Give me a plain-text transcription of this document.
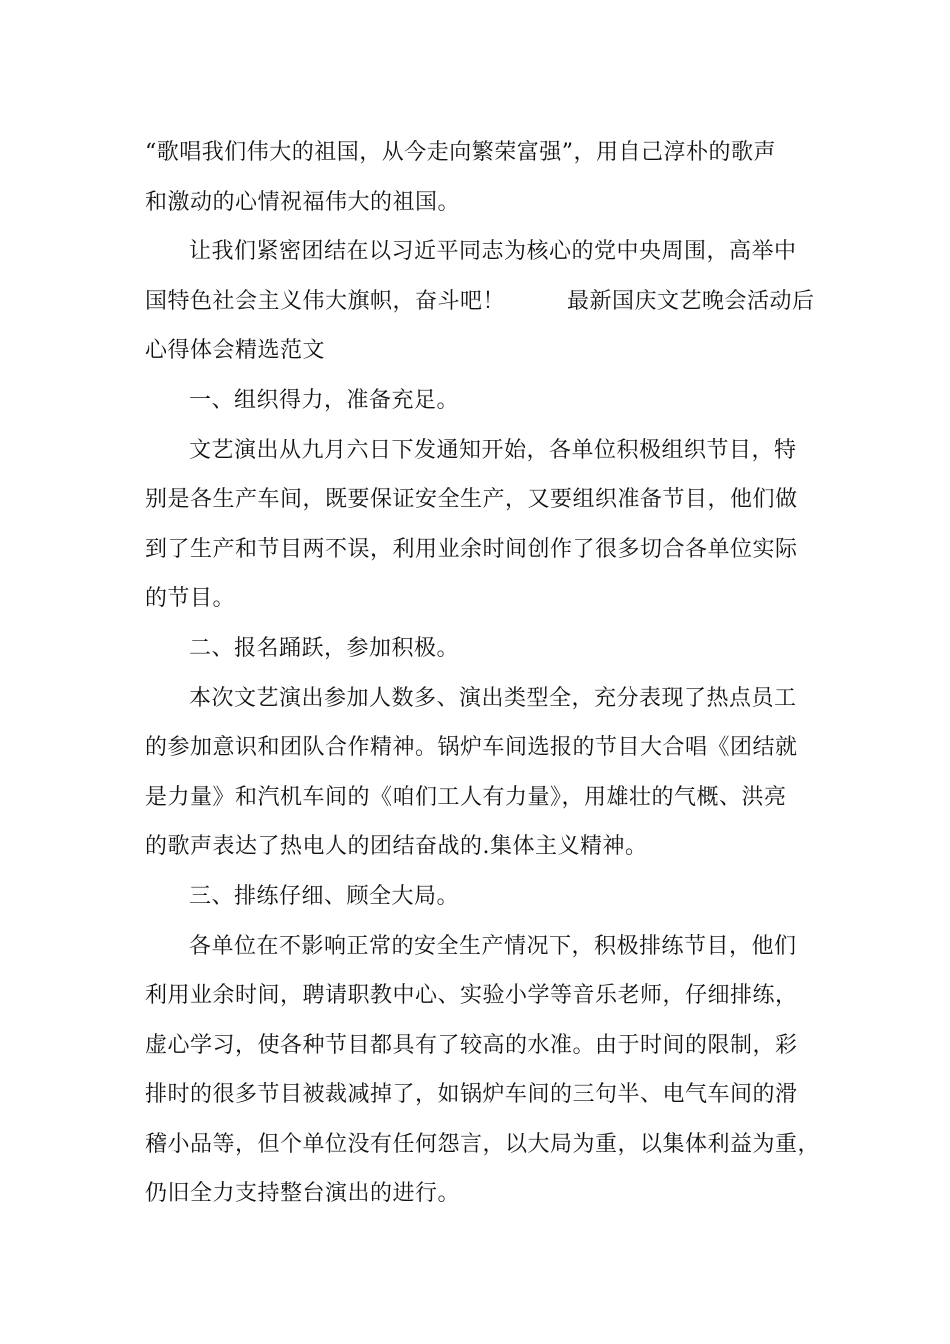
“歌唱我们伟大的祖国，从今走向繁荣富强”，用自己淳朴的歌声
和激动的心情祝福伟大的祖国。
让我们紧密团结在以习近平同志为核心的党中央周围，高举中
国特色社会主义伟大旗帜，奋斗吧！	最新国庆文艺晚会活动后
心得体会精选范文
一、组织得力，准备充足。
文艺演出从九月六日下发通知开始，各单位积极组织节目，特
别是各生产车间，既要保证安全生产，又要组织准备节目，他们做
到了生产和节目两不误，利用业余时间创作了很多切合各单位实际
的节目。
二、报名踊跃，参加积极。
本次文艺演出参加人数多、演出类型全，充分表现了热点员工
的参加意识和团队合作精神。锅炉车间选报的节目大合唱《团结就
是力量》和汽机车间的《咱们工人有力量》，用雄壮的气概、洪亮
的歌声表达了热电人的团结奋战的.集体主义精神。
三、排练仔细、顾全大局。
各单位在不影响正常的安全生产情况下，积极排练节目，他们
利用业余时间，聘请职教中心、实验小学等音乐老师，仔细排练，
虚心学习，使各种节目都具有了较高的水准。由于时间的限制，彩
排时的很多节目被裁减掉了，如锅炉车间的三句半、电气车间的滑
稽小品等，但个单位没有任何怨言，以大局为重，以集体利益为重，
仍旧全力支持整台演出的进行。
